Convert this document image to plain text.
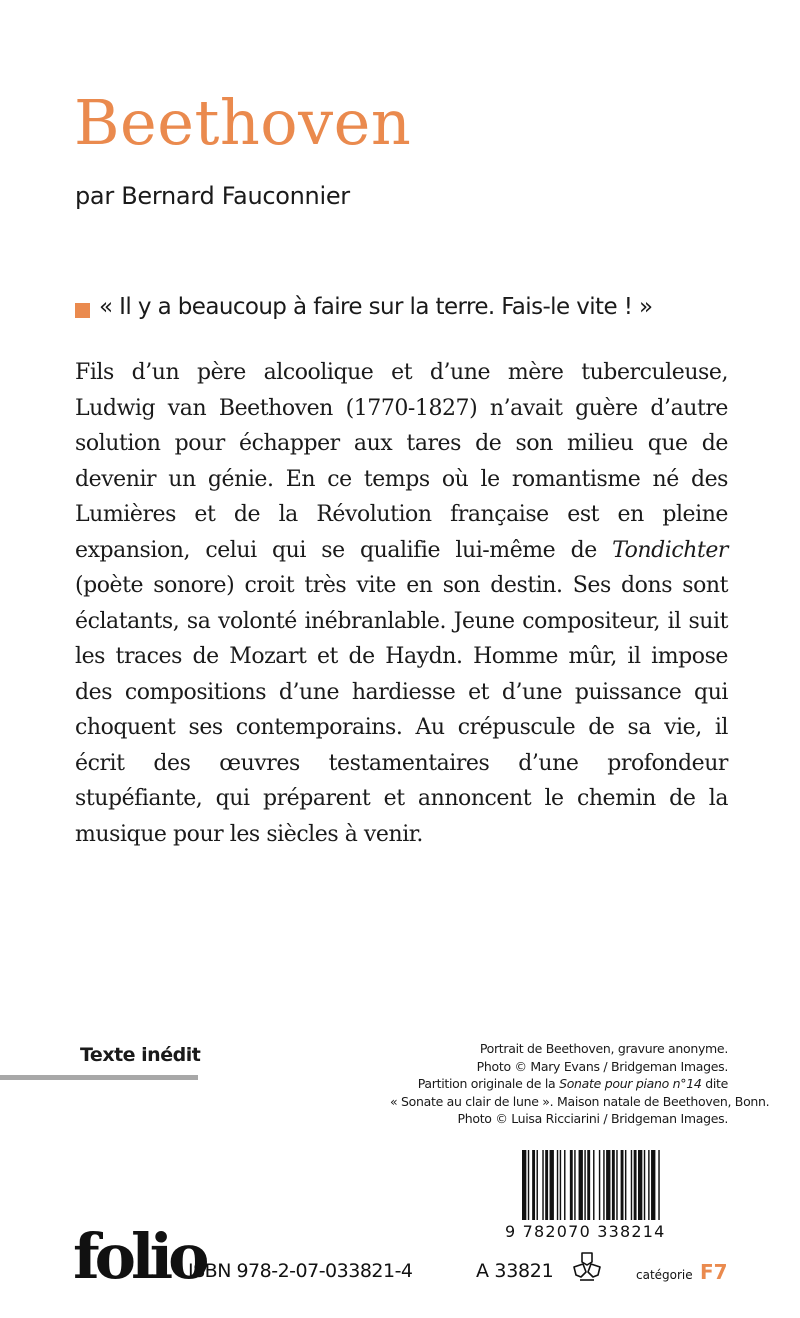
Beethoven
par Bernard Fauconnier
« Il y a beaucoup à faire sur la terre. Fais-le vite ! »

Fils d’un père alcoolique et d’une mère tuberculeuse, Ludwig van Beethoven (1770-1827) n’avait guère d’autre solution pour échapper aux tares de son milieu que de devenir un génie. En ce temps où le romantisme né des Lumières et de la Révolution française est en pleine expansion, celui qui se qualifie lui-même de Tondichter (poète sonore) croit très vite en son destin. Ses dons sont éclatants, sa volonté inébranlable. Jeune compositeur, il suit les traces de Mozart et de Haydn. Homme mûr, il impose des compositions d’une hardiesse et d’une puissance qui choquent ses contemporains. Au crépuscule de sa vie, il écrit des œuvres testamentaires d’une profondeur stupéfiante, qui préparent et annoncent le chemin de la musique pour les siècles à venir.

Texte inédit	Portrait de Beethoven, gravure anonyme.
Photo © Mary Evans / Bridgeman Images.
Partition originale de la Sonate pour piano n°14 dite
« Sonate au clair de lune ». Maison natale de Beethoven, Bonn.
Photo © Luisa Ricciarini / Bridgeman Images.
9 782070 338214
folio
ISBN 978-2-07-033821-4	A 33821	catégorie F7
